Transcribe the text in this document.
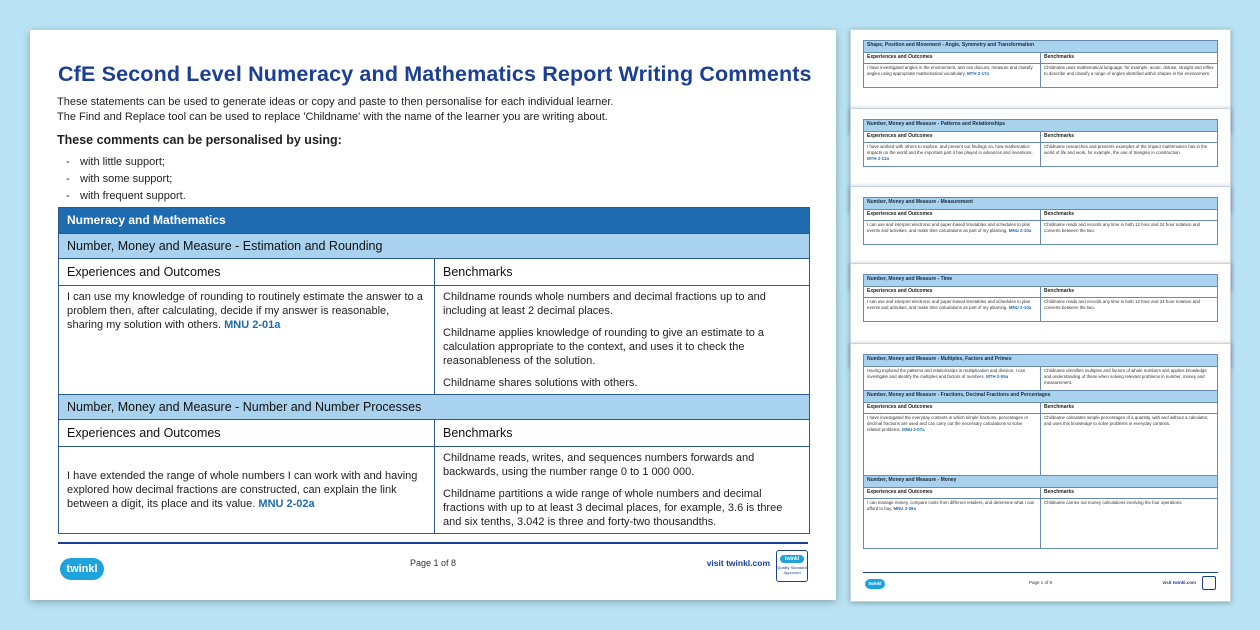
Shape, Position and Movement - Angle, Symmetry and Transformation	
Experiences and Outcomes	Benchmarks
I have investigated angles in the environment, and can discuss, measure and classify angles using appropriate mathematical vocabulary. MTH 2-17a	Childname uses mathematical language, for example, acute, obtuse, straight and reflex to describe and classify a range of angles identified within shapes in the environment.
Number, Money and Measure - Patterns and Relationships	
Experiences and Outcomes	Benchmarks
I have worked with others to explore, and present our findings on, how mathematics impacts on the world and the important part it has played in advances and inventions. MTH 2-12a	Childname researches and presents examples of the impact mathematics has in the world of life and work, for example, the use of triangles in construction.
Number, Money and Measure - Measurement	
Experiences and Outcomes	Benchmarks
I can use and interpret electronic and paper-based timetables and schedules to plan events and activities, and make time calculations as part of my planning. MNU 2-10a	Childname reads and records any time in both 12 hour and 24 hour notation and converts between the two.
Number, Money and Measure - Time	
Experiences and Outcomes	Benchmarks
I can use and interpret electronic and paper-based timetables and schedules to plan events and activities, and make time calculations as part of my planning. MNU 2-10a	Childname reads and records any time in both 12 hour and 24 hour notation and converts between the two.
Number, Money and Measure - Multiples, Factors and Primes	
Having explored the patterns and relationships in multiplication and division, I can investigate and identify the multiples and factors of numbers. MTH 2-05a	Childname identifies multiples and factors of whole numbers and applies knowledge and understanding of these when solving relevant problems in number, money and measurement.
Number, Money and Measure - Fractions, Decimal Fractions and Percentages	
Experiences and Outcomes	Benchmarks
I have investigated the everyday contexts in which simple fractions, percentages or decimal fractions are used and can carry out the necessary calculations to solve related problems. MNU 2-07a	Childname calculates simple percentages of a quantity, with and without a calculator, and uses this knowledge to solve problems in everyday contexts.
Number, Money and Measure - Money	
Experiences and Outcomes	Benchmarks
I can manage money, compare costs from different retailers, and determine what I can afford to buy. MNU 2-09a	Childname carries out money calculations involving the four operations.
twinkl	Page 1 of 8	visit twinkl.com
CfE Second Level Numeracy and Mathematics Report Writing Comments
These statements can be used to generate ideas or copy and paste to then personalise for each individual learner.
The Find and Replace tool can be used to replace 'Childname' with the name of the learner you are writing about.
These comments can be personalised by using:
- with little support;
- with some support;
- with frequent support.
Numeracy and Mathematics	
Number, Money and Measure - Estimation and Rounding	
Experiences and Outcomes	Benchmarks
I can use my knowledge of rounding to routinely estimate the answer to a problem then, after calculating, decide if my answer is reasonable, sharing my solution with others. MNU 2-01a	Childname rounds whole numbers and decimal fractions up to and including at least 2 decimal places.

Childname applies knowledge of rounding to give an estimate to a calculation appropriate to the context, and uses it to check the reasonableness of the solution.

Childname shares solutions with others.

Number, Money and Measure - Number and Number Processes	
Experiences and Outcomes	Benchmarks
I have extended the range of whole numbers I can work with and having explored how decimal fractions are constructed, can explain the link between a digit, its place and its value. MNU 2-02a	Childname reads, writes, and sequences numbers forwards and backwards, using the number range 0 to 1 000 000.

Childname partitions a wide range of whole numbers and decimal fractions with up to at least 3 decimal places, for example, 3.6 is three and six tenths, 3.042 is three and forty-two thousandths.

twinkl	Page 1 of 8	visit twinkl.com	twinkl
Quality Standard Approved
